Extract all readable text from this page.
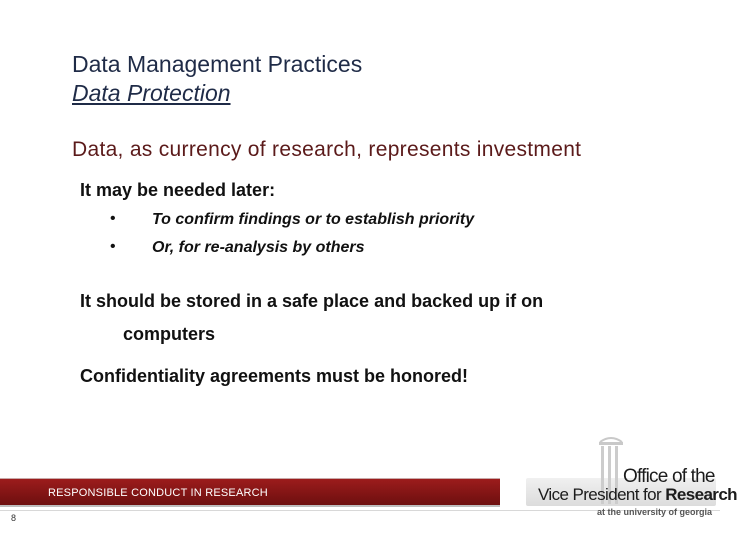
Data Management Practices
Data Protection
Data, as currency of research, represents investment
It may be needed later:
• To confirm findings or to establish priority
• Or, for re-analysis by others
It should be stored in a safe place and backed up if on
computers
Confidentiality agreements must be honored!
RESPONSIBLE CONDUCT IN RESEARCH
8
Office of the
Vice President for Research
at the university of georgia
